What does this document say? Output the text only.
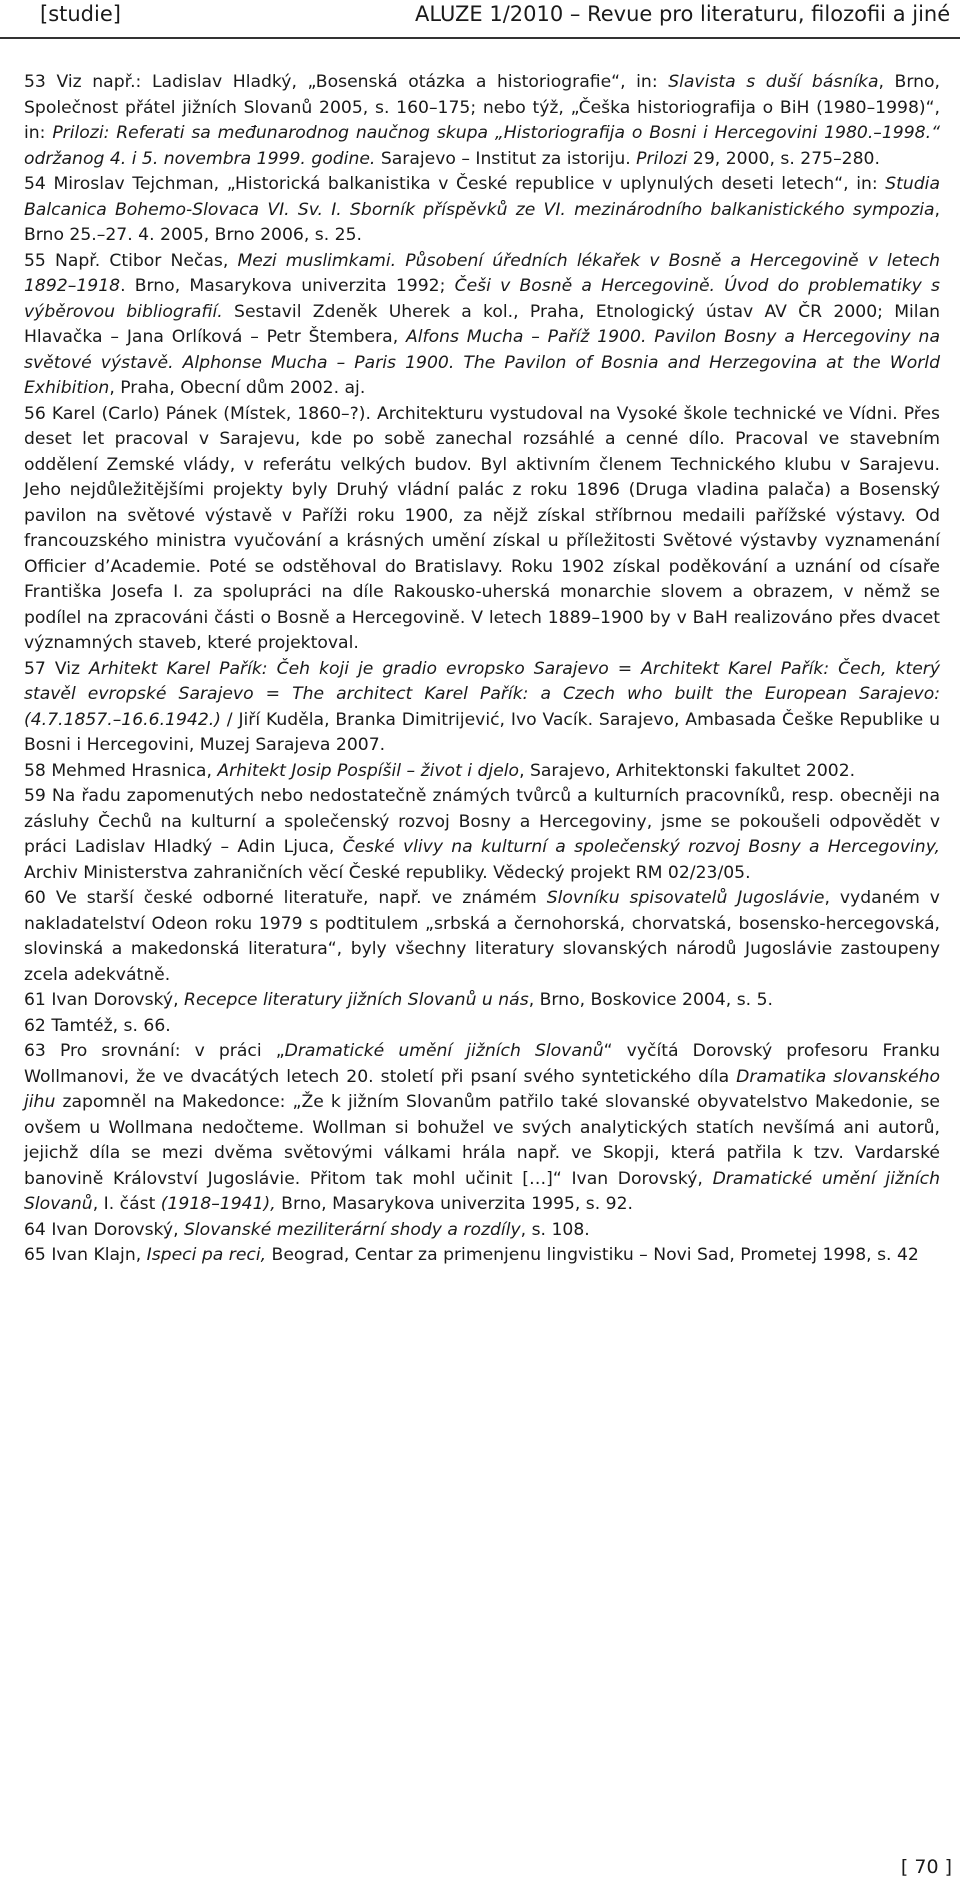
[studie]	ALUZE 1/2010 – Revue pro literaturu, filozofii a jiné

53 Viz např.: Ladislav Hladký, „Bosenská otázka a historiografie“, in: Slavista s duší básníka, Brno, Společnost přátel jižních Slovanů 2005, s. 160–175; nebo týž, „Češka historiografija o BiH (1980–1998)“, in: Prilozi: Referati sa međunarodnog naučnog skupa „Historiografija o Bosni i Hercegovini 1980.–1998.“ održanog 4. i 5. novembra 1999. godine. Sarajevo – Institut za istoriju. Prilozi 29, 2000, s. 275–280.

54 Miroslav Tejchman, „Historická balkanistika v České republice v uplynulých deseti letech“, in: Studia Balcanica Bohemo-Slovaca VI. Sv. I. Sborník příspěvků ze VI. mezinárodního balkanistického sympozia, Brno 25.–27. 4. 2005, Brno 2006, s. 25.

55 Např. Ctibor Nečas, Mezi muslimkami. Působení úředních lékařek v Bosně a Hercegovině v letech 1892–1918. Brno, Masarykova univerzita 1992; Češi v Bosně a Hercegovině. Úvod do problematiky s výběrovou bibliografií. Sestavil Zdeněk Uherek a kol., Praha, Etnologický ústav AV ČR 2000; Milan Hlavačka – Jana Orlíková – Petr Štembera, Alfons Mucha – Paříž 1900. Pavilon Bosny a Hercegoviny na světové výstavě. Alphonse Mucha – Paris 1900. The Pavilon of Bosnia and Herzegovina at the World Exhibition, Praha, Obecní dům 2002. aj.

56 Karel (Carlo) Pánek (Místek, 1860–?). Architekturu vystudoval na Vysoké škole technické ve Vídni. Přes deset let pracoval v Sarajevu, kde po sobě zanechal rozsáhlé a cenné dílo. Pracoval ve stavebním oddělení Zemské vlády, v referátu velkých budov. Byl aktivním členem Technického klubu v Sarajevu. Jeho nejdůležitějšími projekty byly Druhý vládní palác z roku 1896 (Druga vladina palača) a Bosenský pavilon na světové výstavě v Paříži roku 1900, za nějž získal stříbrnou medaili pařížské výstavy. Od francouzského ministra vyučování a krásných umění získal u příležitosti Světové výstavby vyznamenání Officier d’Academie. Poté se odstěhoval do Bratislavy. Roku 1902 získal poděkování a uznání od císaře Františka Josefa I. za spolupráci na díle Rakousko-uherská monarchie slovem a obrazem, v němž se podílel na zpracováni části o Bosně a Hercegovině. V letech 1889–1900 by v BaH realizováno přes dvacet významných staveb, které projektoval.

57 Viz Arhitekt Karel Pařík: Čeh koji je gradio evropsko Sarajevo = Architekt Karel Pařík: Čech, který stavěl evropské Sarajevo = The architect Karel Pařík: a Czech who built the European Sarajevo: (4.7.1857.–16.6.1942.) / Jiří Kuděla, Branka Dimitrijević, Ivo Vacík. Sarajevo, Ambasada Češke Republike u Bosni i Hercegovini, Muzej Sarajeva 2007.

58 Mehmed Hrasnica, Arhitekt Josip Pospíšil – život i djelo, Sarajevo, Arhitektonski fakultet 2002.

59 Na řadu zapomenutých nebo nedostatečně známých tvůrců a kulturních pracovníků, resp. obecněji na zásluhy Čechů na kulturní a společenský rozvoj Bosny a Hercegoviny, jsme se pokoušeli odpovědět v práci Ladislav Hladký – Adin Ljuca, České vlivy na kulturní a společenský rozvoj Bosny a Hercegoviny, Archiv Ministerstva zahraničních věcí České republiky. Vědecký projekt RM 02/23/05.

60 Ve starší české odborné literatuře, např. ve známém Slovníku spisovatelů Jugoslávie, vydaném v nakladatelství Odeon roku 1979 s podtitulem „srbská a černohorská, chorvatská, bosensko-hercegovská, slovinská a makedonská literatura“, byly všechny literatury slovanských národů Jugoslávie zastoupeny zcela adekvátně.

61 Ivan Dorovský, Recepce literatury jižních Slovanů u nás, Brno, Boskovice 2004, s. 5.

62 Tamtéž, s. 66.

63 Pro srovnání: v práci „Dramatické umění jižních Slovanů“ vyčítá Dorovský profesoru Franku Wollmanovi, že ve dvacátých letech 20. století při psaní svého syntetického díla Dramatika slovanského jihu zapomněl na Makedonce: „Že k jižním Slovanům patřilo také slovanské obyvatelstvo Makedonie, se ovšem u Wollmana nedočteme. Wollman si bohužel ve svých analytických statích nevšímá ani autorů, jejichž díla se mezi dvěma světovými válkami hrála např. ve Skopji, která patřila k tzv. Vardarské banovině Království Jugoslávie. Přitom tak mohl učinit […]“ Ivan Dorovský, Dramatické umění jižních Slovanů, I. část (1918–1941), Brno, Masarykova univerzita 1995, s. 92.

64 Ivan Dorovský, Slovanské meziliterární shody a rozdíly, s. 108.

65 Ivan Klajn, Ispeci pa reci, Beograd, Centar za primenjenu lingvistiku – Novi Sad, Prometej 1998, s. 42

[ 70 ]
